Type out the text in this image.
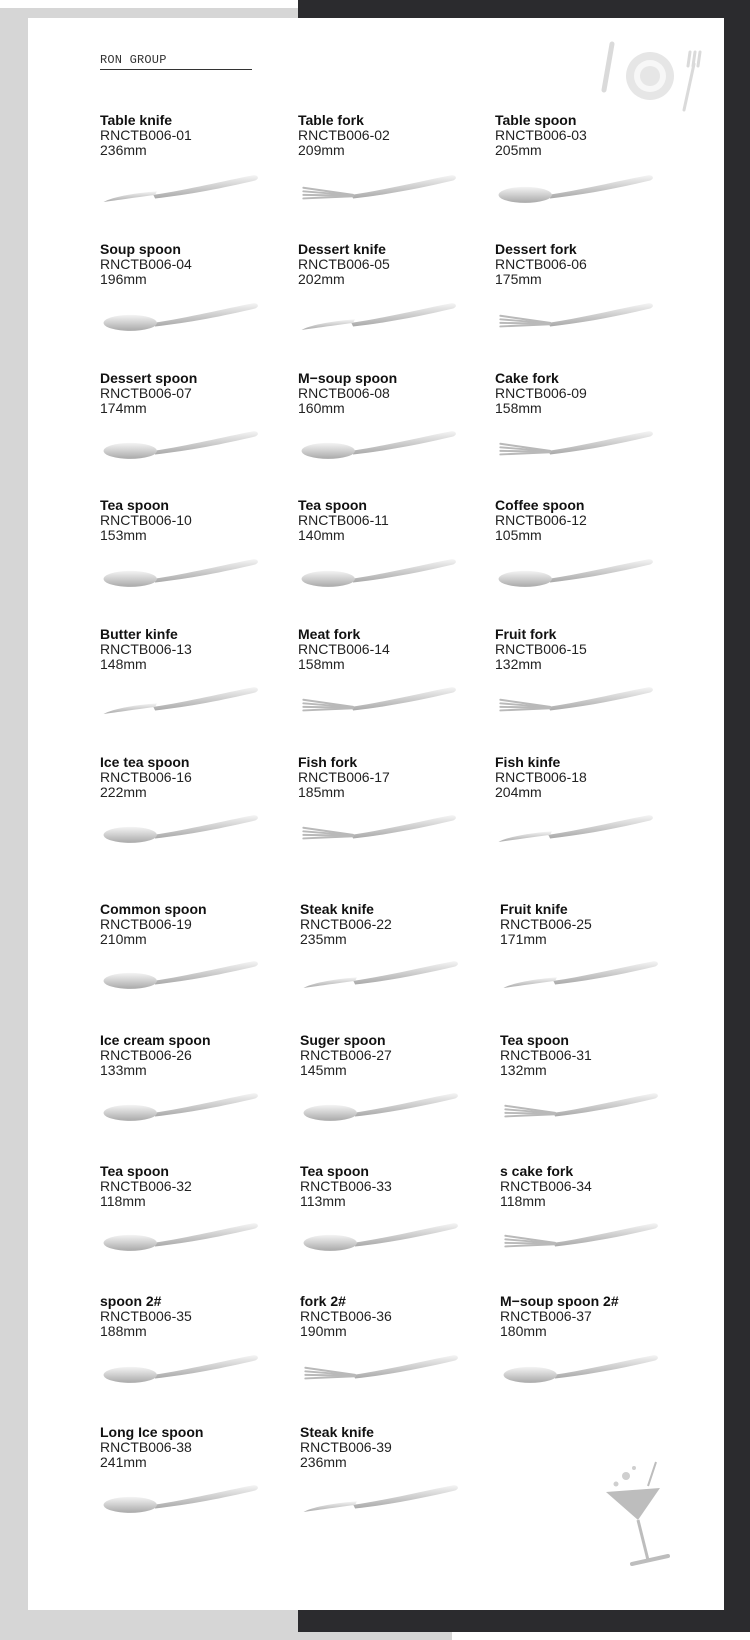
RON GROUP
Table knife
RNCTB006-01
236mm
Table fork
RNCTB006-02
209mm
Table spoon
RNCTB006-03
205mm
Soup spoon
RNCTB006-04
196mm
Dessert knife
RNCTB006-05
202mm
Dessert fork
RNCTB006-06
175mm
Dessert spoon
RNCTB006-07
174mm
M−soup spoon
RNCTB006-08
160mm
Cake fork
RNCTB006-09
158mm
Tea spoon
RNCTB006-10
153mm
Tea spoon
RNCTB006-11
140mm
Coffee spoon
RNCTB006-12
105mm
Butter kinfe
RNCTB006-13
148mm
Meat fork
RNCTB006-14
158mm
Fruit fork
RNCTB006-15
132mm
Ice tea spoon
RNCTB006-16
222mm
Fish fork
RNCTB006-17
185mm
Fish kinfe
RNCTB006-18
204mm
Common spoon
RNCTB006-19
210mm
Steak knife
RNCTB006-22
235mm
Fruit knife
RNCTB006-25
171mm
Ice cream spoon
RNCTB006-26
133mm
Suger spoon
RNCTB006-27
145mm
Tea spoon
RNCTB006-31
132mm
Tea spoon
RNCTB006-32
118mm
Tea spoon
RNCTB006-33
113mm
s cake fork
RNCTB006-34
118mm
spoon 2#
RNCTB006-35
188mm
fork 2#
RNCTB006-36
190mm
M−soup spoon 2#
RNCTB006-37
180mm
Long Ice spoon
RNCTB006-38
241mm
Steak knife
RNCTB006-39
236mm
